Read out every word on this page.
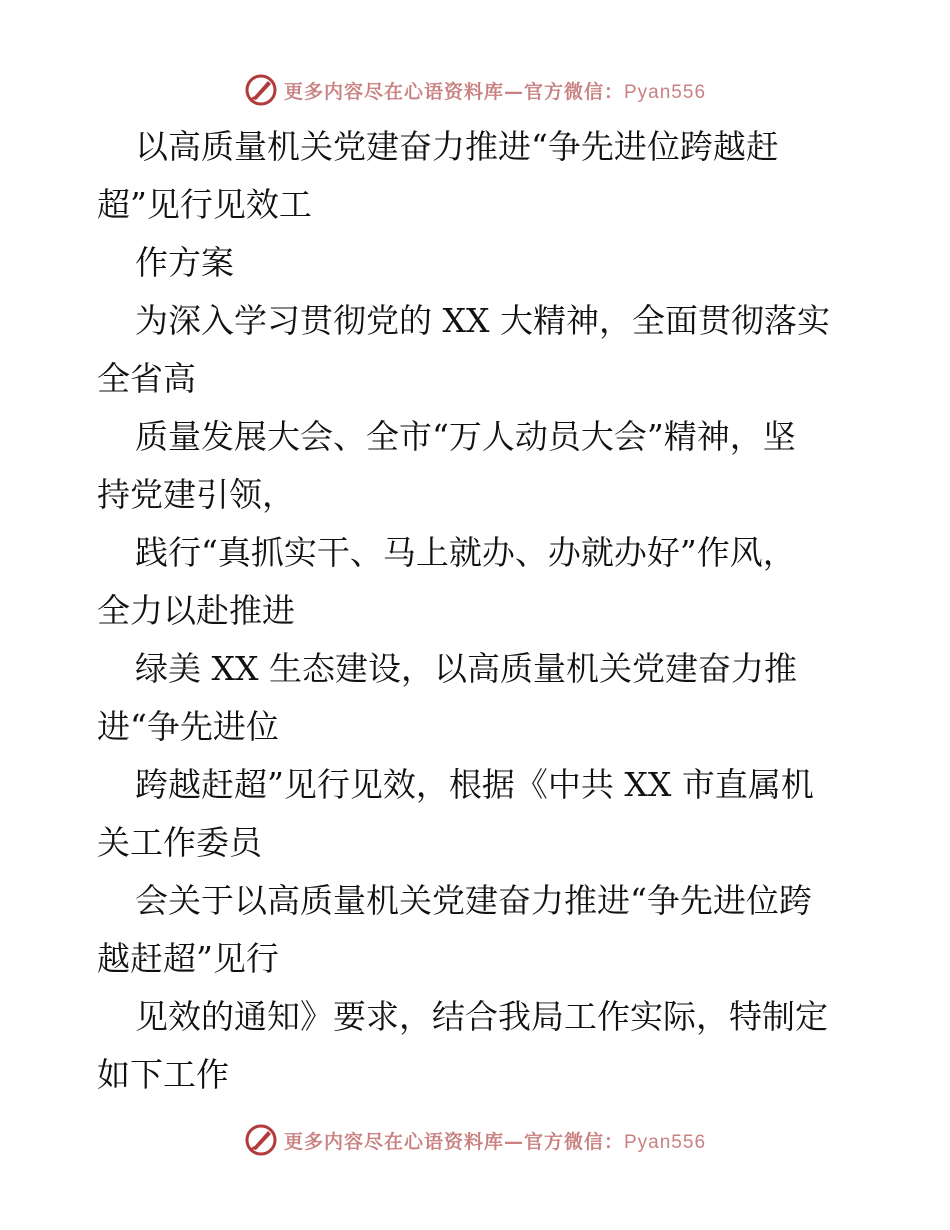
更多内容尽在心语资料库—官方微信：Pyan556
以高质量机关党建奋力推进“争先进位跨越赶
超”见行见效工
作方案
为深入学习贯彻党的 XX 大精神，全面贯彻落实
全省高
质量发展大会、全市“万人动员大会”精神，坚
持党建引领，
践行“真抓实干、马上就办、办就办好”作风，
全力以赴推进
绿美 XX 生态建设，以高质量机关党建奋力推
进“争先进位
跨越赶超”见行见效，根据《中共 XX 市直属机
关工作委员
会关于以高质量机关党建奋力推进“争先进位跨
越赶超”见行
见效的通知》要求，结合我局工作实际，特制定
如下工作
更多内容尽在心语资料库—官方微信：Pyan556
